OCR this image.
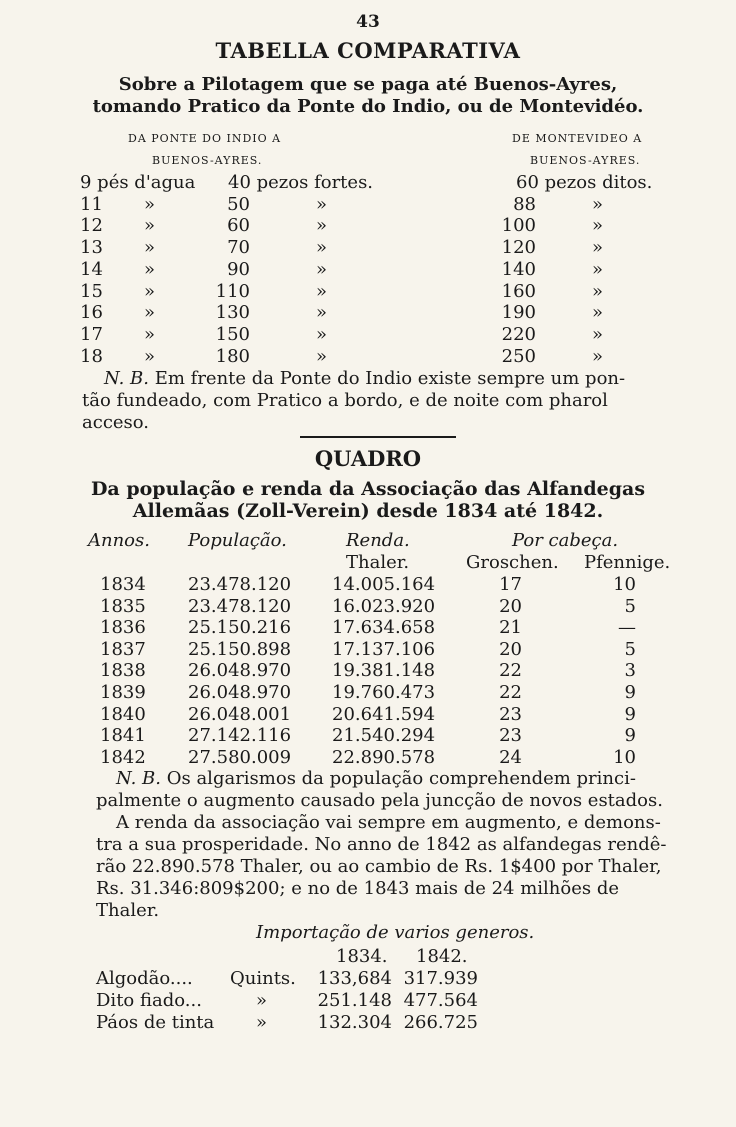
43
TABELLA COMPARATIVA
Sobre a Pilotagem que se paga até Buenos-Ayres,
tomando Pratico da Ponte do Indio, ou de Montevidéo.
DA PONTE DO INDIO A
BUENOS-AYRES.
DE MONTEVIDEO A
BUENOS-AYRES.
9 pés d'agua 40 pezos fortes.	60 pezos ditos.
11 »	50	»	88	»
12 »	60	»	100	»
13 »	70	»	120	»
14 »	90	»	140	»
15 »	110	»	160	»
16 »	130	»	190	»
17 »	150	»	220	»
18 »	180	»	250	»
N. B. Em frente da Ponte do Indio existe sempre um pon-
tão fundeado, com Pratico a bordo, e de noite com pharol
acceso.
QUADRO
Da população e renda da Associação das Alfandegas
Allemãas (Zoll-Verein) desde 1834 até 1842.
Annos. População.	Renda.	Por cabeça.
Thaler.	Groschen. Pfennige.
1834 23.478.120 14.005.164	17	10
1835 23.478.120 16.023.920	20	5
1836 25.150.216 17.634.658	21	—
1837 25.150.898 17.137.106	20	5
1838 26.048.970 19.381.148	22	3
1839 26.048.970 19.760.473	22	9
1840 26.048.001 20.641.594	23	9
1841 27.142.116 21.540.294	23	9
1842 27.580.009 22.890.578	24	10
N. B. Os algarismos da população comprehendem princi-
palmente o augmento causado pela juncção de novos estados.
A renda da associação vai sempre em augmento, e demons-
tra a sua prosperidade. No anno de 1842 as alfandegas rendê-
rão 22.890.578 Thaler, ou ao cambio de Rs. 1$400 por Thaler,
Rs. 31.346:809$200; e no de 1843 mais de 24 milhões de
Thaler.
Importação de varios generos.
1834. 1842.
Algodão.... Quints.	133,684 317.939
Dito fiado...	»	251.148 477.564
Páos de tinta »	132.304 266.725
